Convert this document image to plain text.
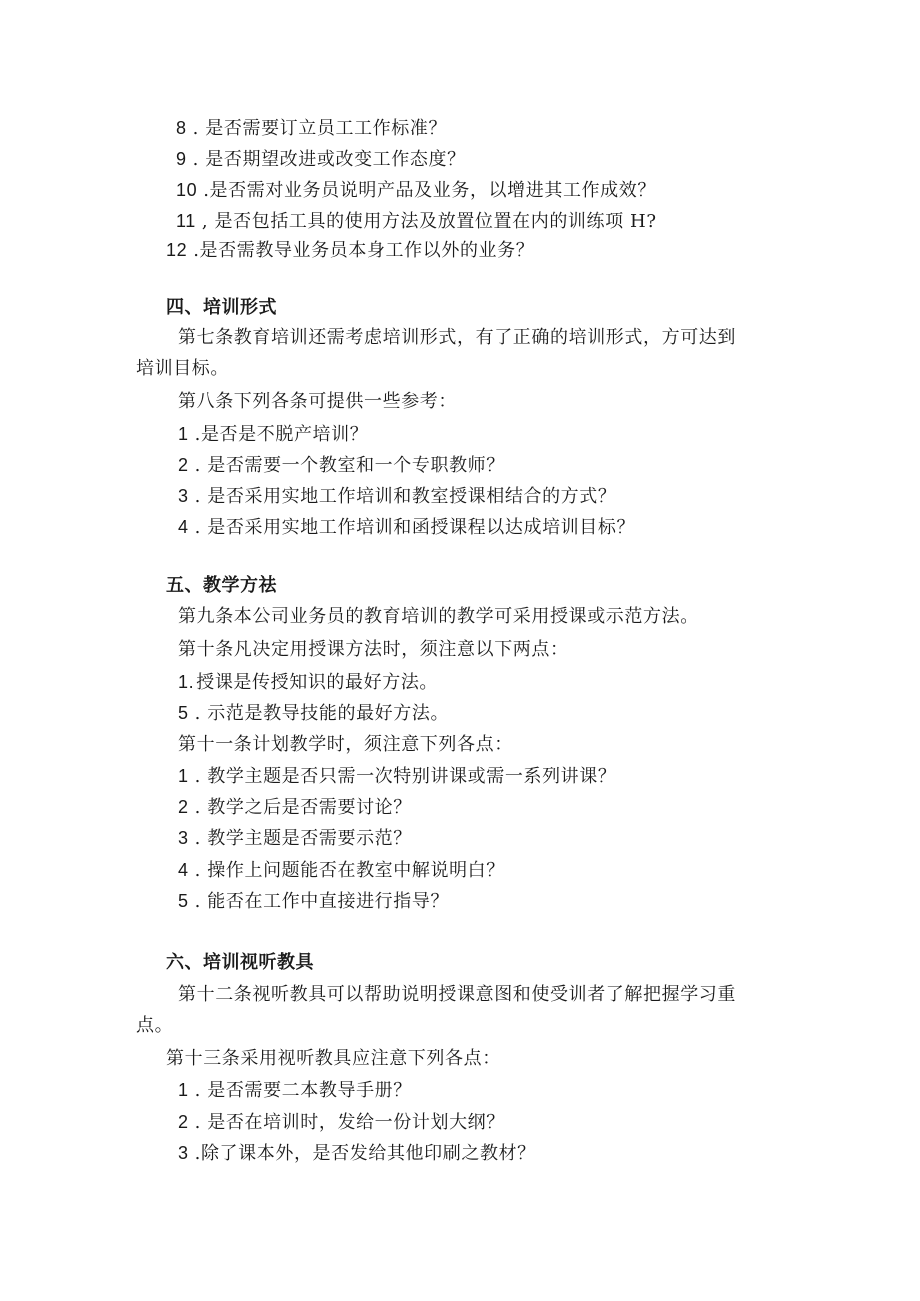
8 . 是否需要订立员工工作标准？
9 . 是否期望改进或改变工作态度？
10 .是否需对业务员说明产品及业务，以增进其工作成效？
11 , 是否包括工具的使用方法及放置位置在内的训练项 H?
12 .是否需教导业务员本身工作以外的业务？
四、培训形式
第七条教育培训还需考虑培训形式，有了正确的培训形式，方可达到
培训目标。
第八条下列各条可提供一些参考：
1 .是否是不脱产培训？
2 . 是否需要一个教室和一个专职教师？
3 . 是否采用实地工作培训和教室授课相结合的方式？
4 . 是否采用实地工作培训和函授课程以达成培训目标？
五、教学方祛
第九条本公司业务员的教育培训的教学可采用授课或示范方法。
第十条凡决定用授课方法时，须注意以下两点：
1. 授课是传授知识的最好方法。
5 . 示范是教导技能的最好方法。
第十一条计划教学时，须注意下列各点：
1 . 教学主题是否只需一次特别讲课或需一系列讲课？
2 . 教学之后是否需要讨论？
3 . 教学主题是否需要示范？
4 . 操作上问题能否在教室中解说明白？
5 . 能否在工作中直接进行指导？
六、培训视听教具
第十二条视听教具可以帮助说明授课意图和使受训者了解把握学习重
点。
第十三条采用视听教具应注意下列各点：
1 . 是否需要二本教导手册？
2 . 是否在培训时，发给一份计划大纲？
3 .除了课本外，是否发给其他印刷之教材？
